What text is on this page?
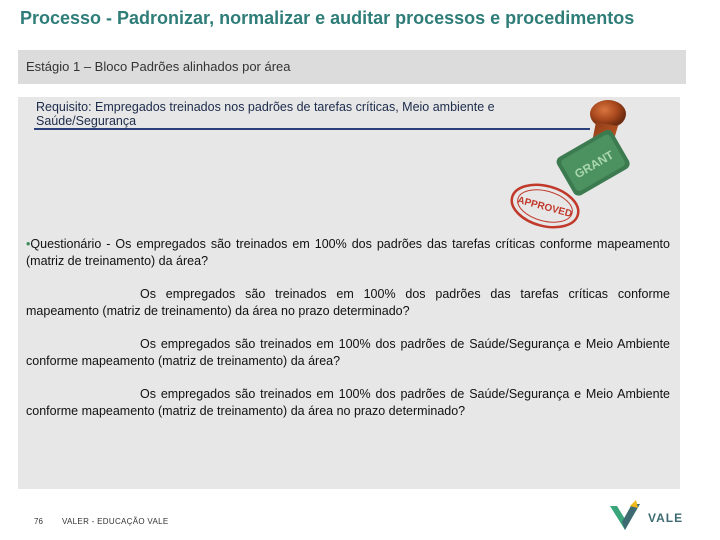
Processo - Padronizar, normalizar e auditar processos e procedimentos
Estágio 1 – Bloco Padrões alinhados por área
Requisito: Empregados treinados nos padrões de tarefas críticas, Meio ambiente e Saúde/Segurança
GRANT
APPROVED
•Questionário - Os empregados são treinados em 100% dos padrões das tarefas críticas conforme mapeamento (matriz de treinamento) da área?
Os empregados são treinados em 100% dos padrões das tarefas críticas conforme mapeamento (matriz de treinamento) da área no prazo determinado?
Os empregados são treinados em 100% dos padrões de Saúde/Segurança e Meio Ambiente conforme mapeamento (matriz de treinamento) da área?
Os empregados são treinados em 100% dos padrões de Saúde/Segurança e Meio Ambiente conforme mapeamento (matriz de treinamento) da área no prazo determinado?
76 VALER - EDUCAÇÃO VALE	VALE
